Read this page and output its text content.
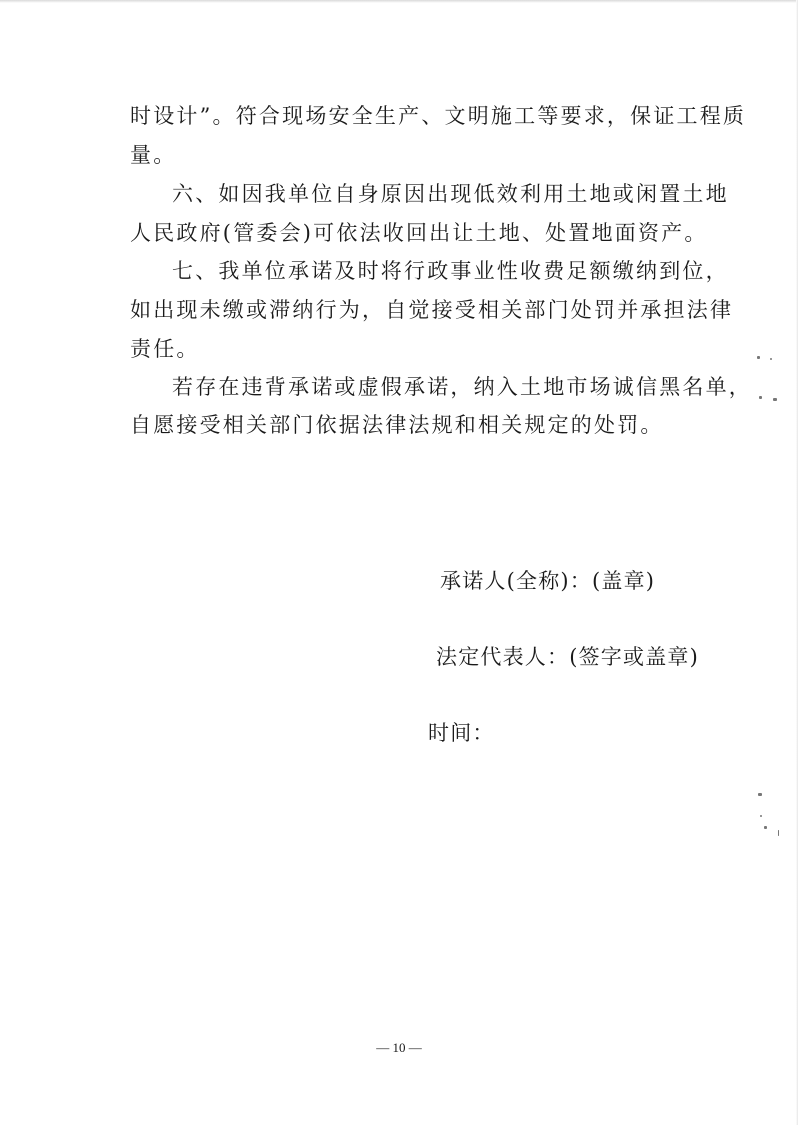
时设计”。符合现场安全生产、文明施工等要求，保证工程质
量。
六、如因我单位自身原因出现低效利用土地或闲置土地
人民政府(管委会)可依法收回出让土地、处置地面资产。
七、我单位承诺及时将行政事业性收费足额缴纳到位，
如出现未缴或滞纳行为，自觉接受相关部门处罚并承担法律
责任。
若存在违背承诺或虚假承诺，纳入土地市场诚信黑名单，
自愿接受相关部门依据法律法规和相关规定的处罚。
承诺人(全称)：(盖章)
法定代表人：(签字或盖章)
时间：
— 10 —
